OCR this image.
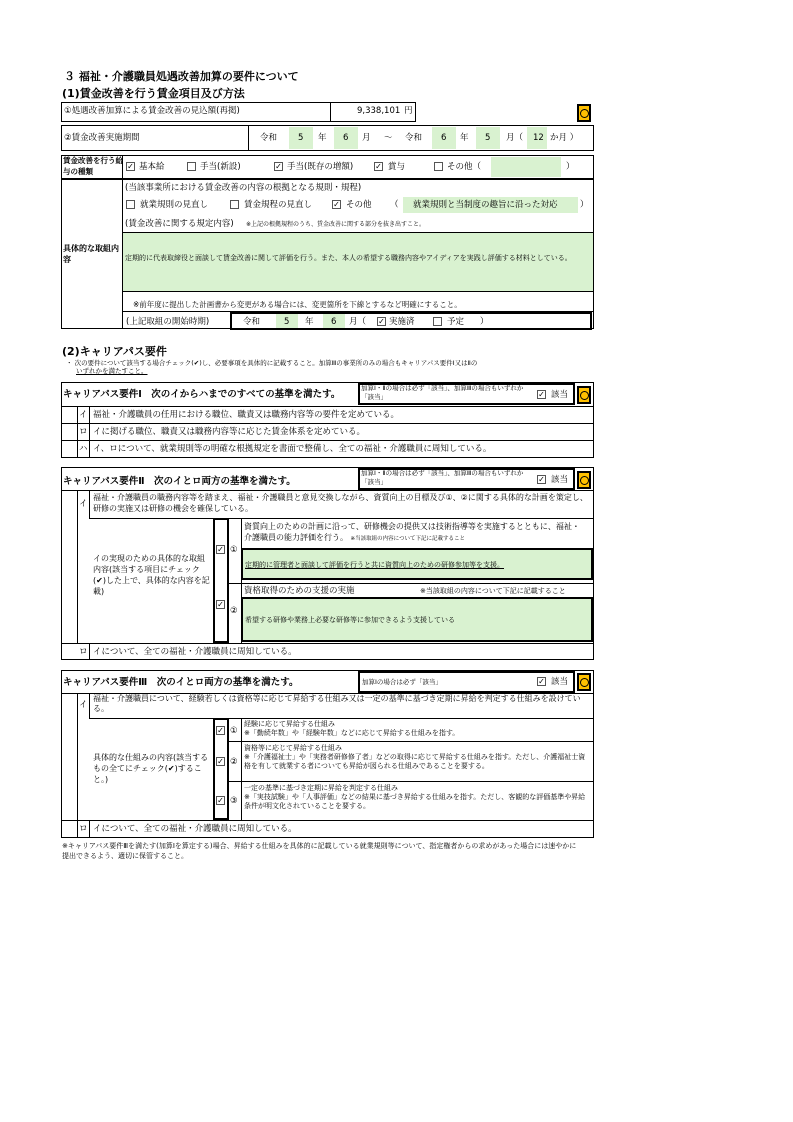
３ 福祉・介護職員処遇改善加算の要件について
(1)賃金改善を行う賃金項目及び方法
①処遇改善加算による賃金改善の見込額(再掲)	9,338,101 円
②賃金改善実施期間	令和 5 年 6 月 〜 令和 6 年 5 月（ 12 か月 ）
賃金改善を行う給与の種類
✓ 基本給	手当(新設)	✓ 手当(既存の増額)	✓ 賞与	その他（	）
具体的な取組内容
(当該事業所における賃金改善の内容の根拠となる規則・規程)
就業規則の見直し	賃金規程の見直し	✓ その他 （ 就業規則と当制度の趣旨に沿った対応	）
(賃金改善に関する規定内容) ※上記の根拠規程のうち、賃金改善に関する部分を抜き出すこと。
定期的に代表取締役と面談して賃金改善に関して評価を行う。また、本人の希望する職務内容やアイディアを実践し評価する材料としている。
※前年度に提出した計画書から変更がある場合には、変更箇所を下線とするなど明確にすること。
(上記取組の開始時期)	令和	5 年 6 月（ ✓ 実施済	予定 ）
(2)キャリアパス要件
・ 次の要件について該当する場合チェック(✔)し、必要事項を具体的に記載すること。加算Ⅲの事業所のみの場合もキャリアパス要件Ⅰ又はⅡの
いずれかを満たすこと。
キャリアパス要件Ⅰ　次のイからハまでのすべての基準を満たす。
加算Ⅰ・Ⅱの場合は必ず「該当」、加算Ⅲの場合もいずれか「該当」	✓ 該当
イ 福祉・介護職員の任用における職位、職責又は職務内容等の要件を定めている。
ロ イに掲げる職位、職責又は職務内容等に応じた賃金体系を定めている。
ハ イ、ロについて、就業規則等の明確な根拠規定を書面で整備し、全ての福祉・介護職員に周知している。
キャリアパス要件Ⅱ　次のイとロ両方の基準を満たす。
加算Ⅰ・Ⅱの場合は必ず「該当」、加算Ⅲの場合もいずれか「該当」	✓ 該当
イ
福祉・介護職員の職務内容等を踏まえ、福祉・介護職員と意見交換しながら、資質向上の目標及び①、②に関する具体的な計画を策定し、研修の実施又は研修の機会を確保している。
イの実現のための具体的な取組内容(該当する項目にチェック(✔)した上で、具体的な内容を記載)
✓ ①
資質向上のための計画に沿って、研修機会の提供又は技術指導等を実施するとともに、福祉・介護職員の能力評価を行う。 ※当該取組の内容について下記に記載すること
定期的に管理者と面談して評価を行うと共に資質向上のための研修参加等を支援。
✓
②
資格取得のための支援の実施	※当該取組の内容について下記に記載すること
希望する研修や業務上必要な研修等に参加できるよう支援している
ロ イについて、全ての福祉・介護職員に周知している。
キャリアパス要件Ⅲ　次のイとロ両方の基準を満たす。	加算Ⅰの場合は必ず「該当」	✓ 該当
イ
福祉・介護職員について、経験若しくは資格等に応じて昇給する仕組み又は一定の基準に基づき定期に昇給を判定する仕組みを設けている。
具体的な仕組みの内容(該当するもの全てにチェック(✔)すること。)
✓ ①
経験に応じて昇給する仕組み
※「勤続年数」や「経験年数」などに応じて昇給する仕組みを指す。
✓ ②
資格等に応じて昇給する仕組み
※「介護福祉士」や「実務者研修修了者」などの取得に応じて昇給する仕組みを指す。ただし、介護福祉士資格を有して就業する者についても昇給が図られる仕組みであることを要する。
✓ ③
一定の基準に基づき定期に昇給を判定する仕組み
※「実技試験」や「人事評価」などの結果に基づき昇給する仕組みを指す。ただし、客観的な評価基準や昇給条件が明文化されていることを要する。
ロ イについて、全ての福祉・介護職員に周知している。
※キャリアパス要件Ⅲを満たす(加算Ⅰを算定する)場合、昇給する仕組みを具体的に記載している就業規則等について、指定権者からの求めがあった場合には速やかに提出できるよう、適切に保管すること。
